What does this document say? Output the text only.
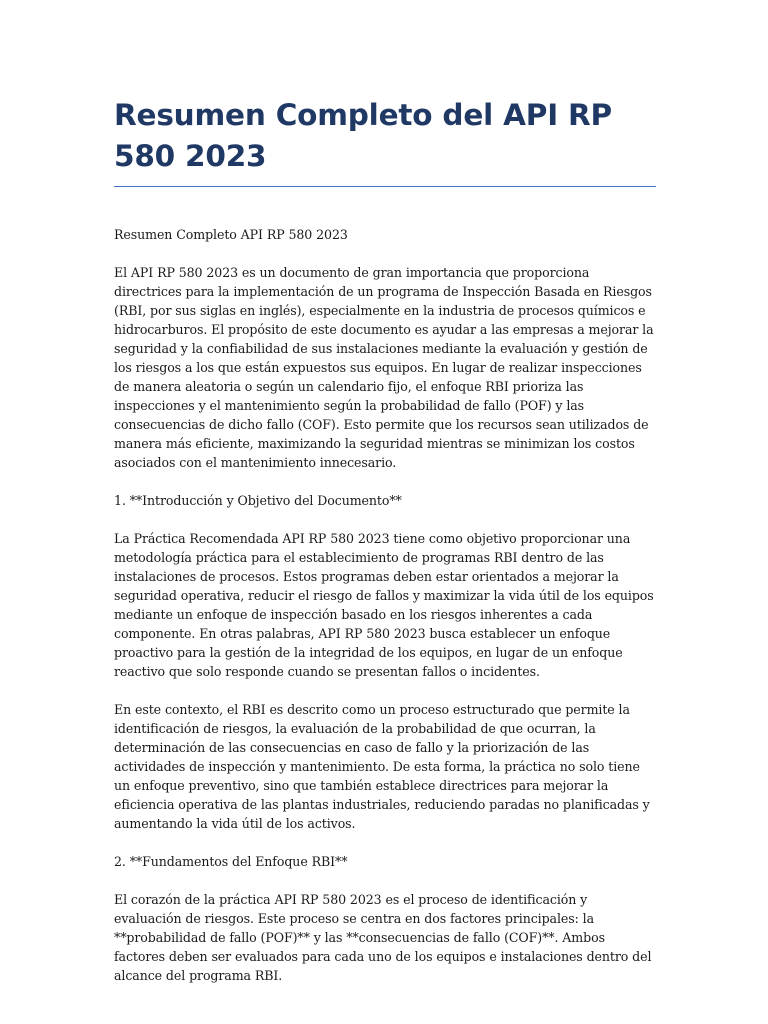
Resumen Completo del API RP 580 2023

Resumen Completo API RP 580 2023

El API RP 580 2023 es un documento de gran importancia que proporciona directrices para la implementación de un programa de Inspección Basada en Riesgos (RBI, por sus siglas en inglés), especialmente en la industria de procesos químicos e hidrocarburos. El propósito de este documento es ayudar a las empresas a mejorar la seguridad y la confiabilidad de sus instalaciones mediante la evaluación y gestión de los riesgos a los que están expuestos sus equipos. En lugar de realizar inspecciones de manera aleatoria o según un calendario fijo, el enfoque RBI prioriza las inspecciones y el mantenimiento según la probabilidad de fallo (POF) y las consecuencias de dicho fallo (COF). Esto permite que los recursos sean utilizados de manera más eficiente, maximizando la seguridad mientras se minimizan los costos asociados con el mantenimiento innecesario.

1. **Introducción y Objetivo del Documento**

La Práctica Recomendada API RP 580 2023 tiene como objetivo proporcionar una metodología práctica para el establecimiento de programas RBI dentro de las instalaciones de procesos. Estos programas deben estar orientados a mejorar la seguridad operativa, reducir el riesgo de fallos y maximizar la vida útil de los equipos mediante un enfoque de inspección basado en los riesgos inherentes a cada componente. En otras palabras, API RP 580 2023 busca establecer un enfoque proactivo para la gestión de la integridad de los equipos, en lugar de un enfoque reactivo que solo responde cuando se presentan fallos o incidentes.

En este contexto, el RBI es descrito como un proceso estructurado que permite la identificación de riesgos, la evaluación de la probabilidad de que ocurran, la determinación de las consecuencias en caso de fallo y la priorización de las actividades de inspección y mantenimiento. De esta forma, la práctica no solo tiene un enfoque preventivo, sino que también establece directrices para mejorar la eficiencia operativa de las plantas industriales, reduciendo paradas no planificadas y aumentando la vida útil de los activos.

2. **Fundamentos del Enfoque RBI**

El corazón de la práctica API RP 580 2023 es el proceso de identificación y evaluación de riesgos. Este proceso se centra en dos factores principales: la **probabilidad de fallo (POF)** y las **consecuencias de fallo (COF)**. Ambos factores deben ser evaluados para cada uno de los equipos e instalaciones dentro del alcance del programa RBI.
